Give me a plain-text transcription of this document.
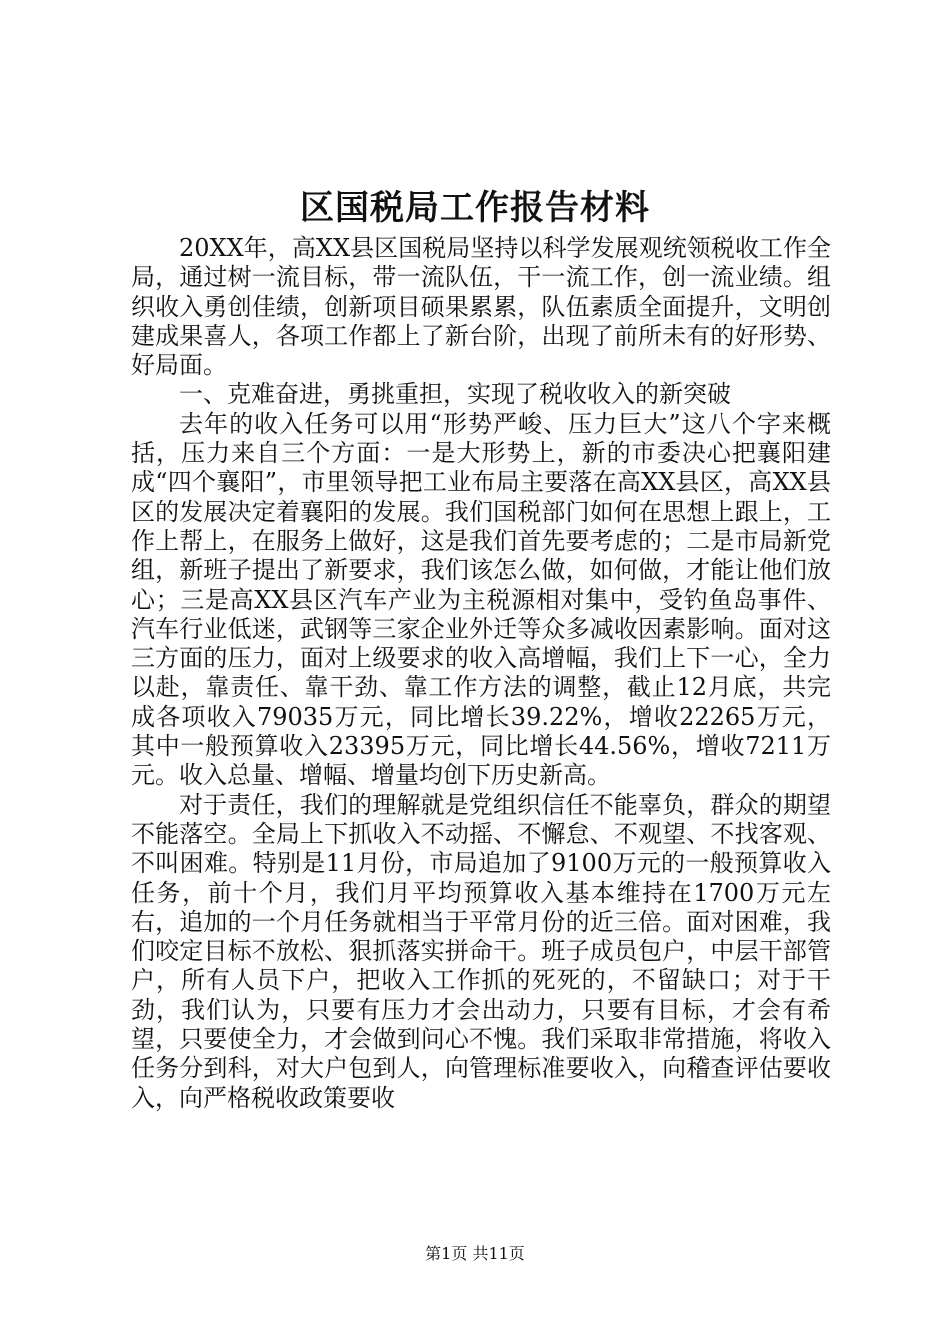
区国税局工作报告材料

20XX年，高XX县区国税局坚持以科学发展观统领税收工作全局，通过树一流目标，带一流队伍，干一流工作，创一流业绩。组织收入勇创佳绩，创新项目硕果累累，队伍素质全面提升，文明创建成果喜人，各项工作都上了新台阶，出现了前所未有的好形势、好局面。

一、克难奋进，勇挑重担，实现了税收收入的新突破

去年的收入任务可以用“形势严峻、压力巨大”这八个字来概括，压力来自三个方面：一是大形势上，新的市委决心把襄阳建成“四个襄阳”，市里领导把工业布局主要落在高XX县区，高XX县区的发展决定着襄阳的发展。我们国税部门如何在思想上跟上，工作上帮上，在服务上做好，这是我们首先要考虑的；二是市局新党组，新班子提出了新要求，我们该怎么做，如何做，才能让他们放心；三是高XX县区汽车产业为主税源相对集中，受钓鱼岛事件、汽车行业低迷，武钢等三家企业外迁等众多减收因素影响。面对这三方面的压力，面对上级要求的收入高增幅，我们上下一心，全力以赴，靠责任、靠干劲、靠工作方法的调整，截止12月底，共完成各项收入79035万元，同比增长39.22%，增收22265万元，其中一般预算收入23395万元，同比增长44.56%，增收7211万元。收入总量、增幅、增量均创下历史新高。

对于责任，我们的理解就是党组织信任不能辜负，群众的期望不能落空。全局上下抓收入不动摇、不懈怠、不观望、不找客观、不叫困难。特别是11月份，市局追加了9100万元的一般预算收入任务，前十个月，我们月平均预算收入基本维持在1700万元左右，追加的一个月任务就相当于平常月份的近三倍。面对困难，我们咬定目标不放松、狠抓落实拼命干。班子成员包户，中层干部管户，所有人员下户，把收入工作抓的死死的，不留缺口；对于干劲，我们认为，只要有压力才会出动力，只要有目标，才会有希望，只要使全力，才会做到问心不愧。我们采取非常措施，将收入任务分到科，对大户包到人，向管理标准要收入，向稽查评估要收入，向严格税收政策要收

第1页 共11页
